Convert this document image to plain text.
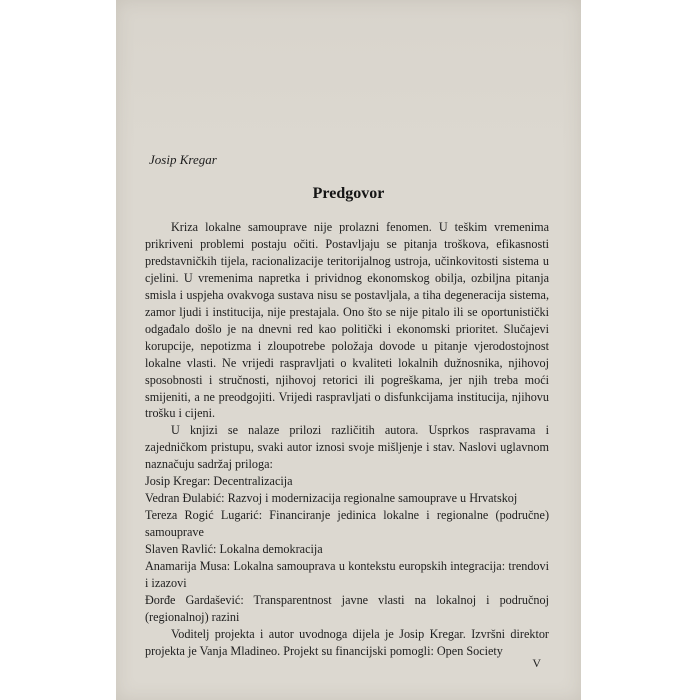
Josip Kregar
Predgovor

Kriza lokalne samouprave nije prolazni fenomen. U teškim vremenima prikriveni problemi postaju očiti. Postavljaju se pitanja troškova, efikasnosti predstavničkih tijela, racionalizacije teritorijalnog ustroja, učinkovitosti sistema u cjelini. U vremenima napretka i prividnog ekonomskog obilja, ozbiljna pitanja smisla i uspjeha ovakvoga sustava nisu se postavljala, a tiha degeneracija sistema, zamor ljudi i institucija, nije prestajala. Ono što se nije pitalo ili se oportunistički odgađalo došlo je na dnevni red kao politički i ekonomski prioritet. Slučajevi korupcije, nepotizma i zloupotrebe položaja dovode u pitanje vjerodostojnost lokalne vlasti. Ne vrijedi raspravljati o kvaliteti lokalnih dužnosnika, njihovoj sposobnosti i stručnosti, njihovoj retorici ili pogreškama, jer njih treba moći smijeniti, a ne preodgojiti. Vrijedi raspravljati o disfunkcijama institucija, njihovu trošku i cijeni.

U knjizi se nalaze prilozi različitih autora. Usprkos raspravama i zajedničkom pristupu, svaki autor iznosi svoje mišljenje i stav. Naslovi uglavnom naznačuju sadržaj priloga:

Josip Kregar: Decentralizacija

Vedran Đulabić: Razvoj i modernizacija regionalne samouprave u Hrvatskoj

Tereza Rogić Lugarić: Financiranje jedinica lokalne i regionalne (područne) samouprave

Slaven Ravlić: Lokalna demokracija

Anamarija Musa: Lokalna samouprava u kontekstu europskih integracija: trendovi i izazovi

Đorđe Gardašević: Transparentnost javne vlasti na lokalnoj i područnoj (regionalnoj) razini

Voditelj projekta i autor uvodnoga dijela je Josip Kregar. Izvršni direktor projekta je Vanja Mladineo. Projekt su financijski pomogli: Open Society

V
